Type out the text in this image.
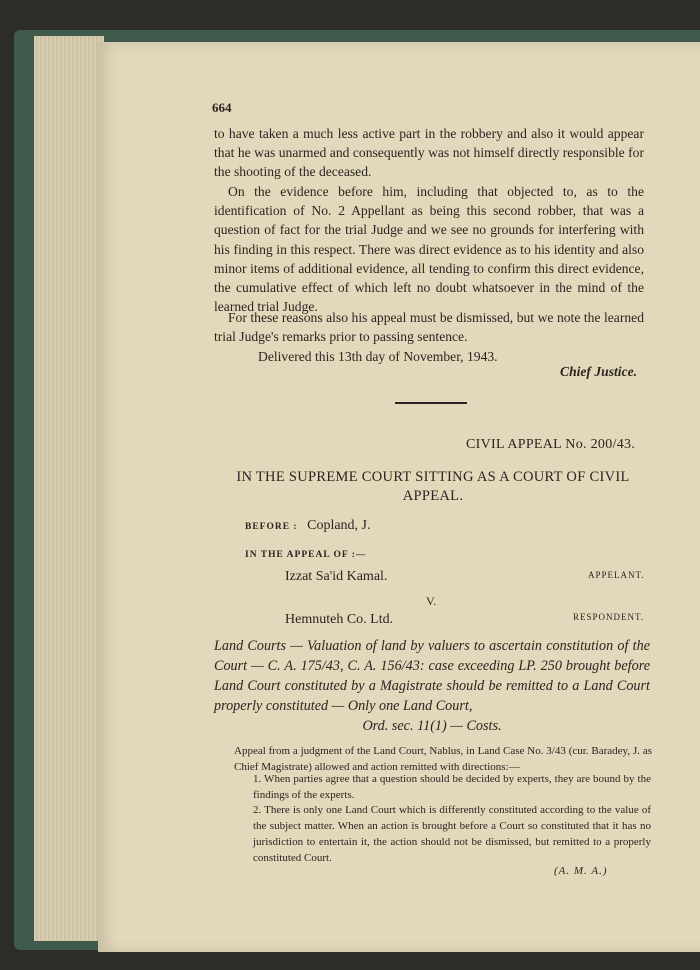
664

to have taken a much less active part in the robbery and also it would appear that he was unarmed and consequently was not himself directly responsible for the shooting of the deceased.

On the evidence before him, including that objected to, as to the identification of No. 2 Appellant as being this second robber, that was a question of fact for the trial Judge and we see no grounds for interfering with his finding in this respect. There was direct evidence as to his identity and also minor items of additional evidence, all tending to confirm this direct evidence, the cumulative effect of which left no doubt whatsoever in the mind of the learned trial Judge.

For these reasons also his appeal must be dismissed, but we note the learned trial Judge's remarks prior to passing sentence.

Delivered this 13th day of November, 1943.

Chief Justice.
CIVIL APPEAL No. 200/43.
IN THE SUPREME COURT SITTING AS A COURT OF CIVIL APPEAL.
BEFORE : Copland, J.
IN THE APPEAL OF :—
Izzat Sa'id Kamal.	APPELANT.
V.
Hemnuteh Co. Ltd.	RESPONDENT.

Land Courts — Valuation of land by valuers to ascertain constitution of the Court — C. A. 175/43, C. A. 156/43: case exceeding LP. 250 brought before Land Court constituted by a Magistrate should be remitted to a Land Court properly constituted — Only one Land Court,
Ord. sec. 11(1) — Costs.

Appeal from a judgment of the Land Court, Nablus, in Land Case No. 3/43 (cur. Baradey, J. as Chief Magistrate) allowed and action remitted with directions:—

1. When parties agree that a question should be decided by experts, they are bound by the findings of the experts.

2. There is only one Land Court which is differently constituted according to the value of the subject matter. When an action is brought before a Court so constituted that it has no jurisdiction to entertain it, the action should not be dismissed, but remitted to a properly constituted Court.

(A. M. A.)
